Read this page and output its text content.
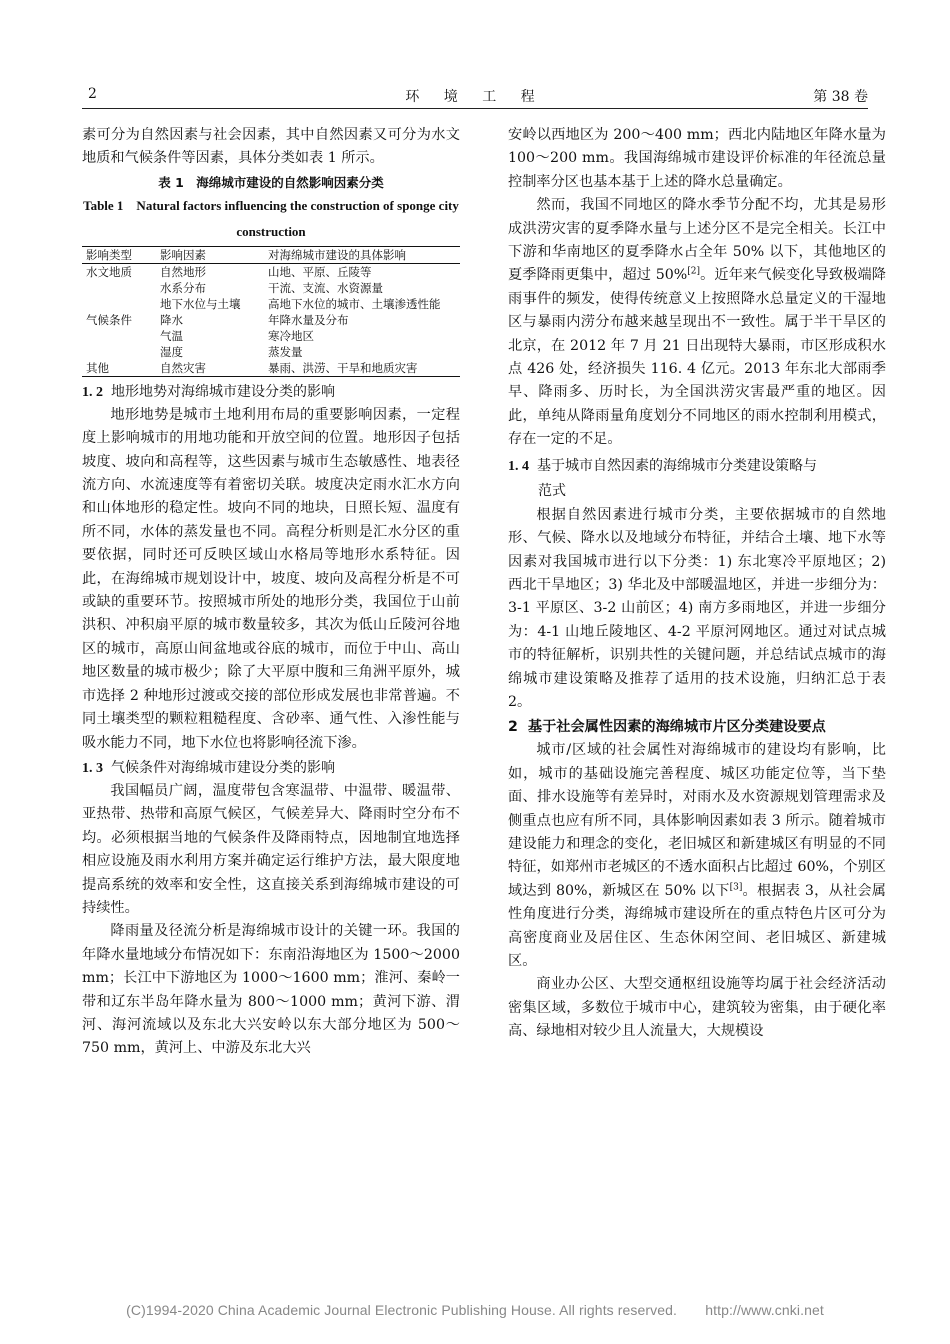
2	环 境 工 程	第 38 卷

素可分为自然因素与社会因素，其中自然因素又可分为水文地质和气候条件等因素，具体分类如表 1 所示。

表 1　海绵城市建设的自然影响因素分类
Table 1　Natural factors influencing the construction of sponge city construction
影响类型	影响因素	对海绵城市建设的具体影响
水文地质	自然地形	山地、平原、丘陵等
	水系分布	干流、支流、水资源量
	地下水位与土壤	高地下水位的城市、土壤渗透性能
气候条件	降水	年降水量及分布
	气温	寒冷地区
	湿度	蒸发量
其他	自然灾害	暴雨、洪涝、干旱和地质灾害
1. 2 地形地势对海绵城市建设分类的影响

地形地势是城市土地利用布局的重要影响因素，一定程度上影响城市的用地功能和开放空间的位置。地形因子包括坡度、坡向和高程等，这些因素与城市生态敏感性、地表径流方向、水流速度等有着密切关联。坡度决定雨水汇水方向和山体地形的稳定性。坡向不同的地块，日照长短、温度有所不同，水体的蒸发量也不同。高程分析则是汇水分区的重要依据，同时还可反映区域山水格局等地形水系特征。因此，在海绵城市规划设计中，坡度、坡向及高程分析是不可或缺的重要环节。按照城市所处的地形分类，我国位于山前洪积、冲积扇平原的城市数量较多，其次为低山丘陵河谷地区的城市，高原山间盆地或谷底的城市，而位于中山、高山地区数量的城市极少；除了大平原中腹和三角洲平原外，城市选择 2 种地形过渡或交接的部位形成发展也非常普遍。不同土壤类型的颗粒粗糙程度、含砂率、通气性、入渗性能与吸水能力不同，地下水位也将影响径流下渗。

1. 3 气候条件对海绵城市建设分类的影响

我国幅员广阔，温度带包含寒温带、中温带、暖温带、亚热带、热带和高原气候区，气候差异大、降雨时空分布不均。必须根据当地的气候条件及降雨特点，因地制宜地选择相应设施及雨水利用方案并确定运行维护方法，最大限度地提高系统的效率和安全性，这直接关系到海绵城市建设的可持续性。

降雨量及径流分析是海绵城市设计的关键一环。我国的年降水量地域分布情况如下：东南沿海地区为 1500～2000 mm；长江中下游地区为 1000～1600 mm；淮河、秦岭一带和辽东半岛年降水量为 800～1000 mm；黄河下游、渭河、海河流域以及东北大兴安岭以东大部分地区为 500～750 mm，黄河上、中游及东北大兴

安岭以西地区为 200～400 mm；西北内陆地区年降水量为 100～200 mm。我国海绵城市建设评价标准的年径流总量控制率分区也基本基于上述的降水总量确定。

然而，我国不同地区的降水季节分配不均，尤其是易形成洪涝灾害的夏季降水量与上述分区不是完全相关。长江中下游和华南地区的夏季降水占全年 50% 以下，其他地区的夏季降雨更集中，超过 50%[2]。近年来气候变化导致极端降雨事件的频发，使得传统意义上按照降水总量定义的干湿地区与暴雨内涝分布越来越呈现出不一致性。属于半干旱区的北京，在 2012 年 7 月 21 日出现特大暴雨，市区形成积水点 426 处，经济损失 116. 4 亿元。2013 年东北大部雨季早、降雨多、历时长，为全国洪涝灾害最严重的地区。因此，单纯从降雨量角度划分不同地区的雨水控制利用模式，存在一定的不足。

1. 4 基于城市自然因素的海绵城市分类建设策略与
范式

根据自然因素进行城市分类，主要依据城市的自然地形、气候、降水以及地域分布特征，并结合土壤、地下水等因素对我国城市进行以下分类：1) 东北寒冷平原地区；2) 西北干旱地区；3) 华北及中部暖温地区，并进一步细分为：3-1 平原区、3-2 山前区；4) 南方多雨地区，并进一步细分为：4-1 山地丘陵地区、4-2 平原河网地区。通过对试点城市的特征解析，识别共性的关键问题，并总结试点城市的海绵城市建设策略及推荐了适用的技术设施，归纳汇总于表 2。

2 基于社会属性因素的海绵城市片区分类建设要点

城市/区域的社会属性对海绵城市的建设均有影响，比如，城市的基础设施完善程度、城区功能定位等，当下垫面、排水设施等有差异时，对雨水及水资源规划管理需求及侧重点也应有所不同，具体影响因素如表 3 所示。随着城市建设能力和理念的变化，老旧城区和新建城区有明显的不同特征，如郑州市老城区的不透水面积占比超过 60%，个别区域达到 80%，新城区在 50% 以下[3]。根据表 3，从社会属性角度进行分类，海绵城市建设所在的重点特色片区可分为高密度商业及居住区、生态休闲空间、老旧城区、新建城区。

商业办公区、大型交通枢纽设施等均属于社会经济活动密集区域，多数位于城市中心，建筑较为密集，由于硬化率高、绿地相对较少且人流量大，大规模设

(C)1994-2020 China Academic Journal Electronic Publishing House. All rights reserved.　　http://www.cnki.net
